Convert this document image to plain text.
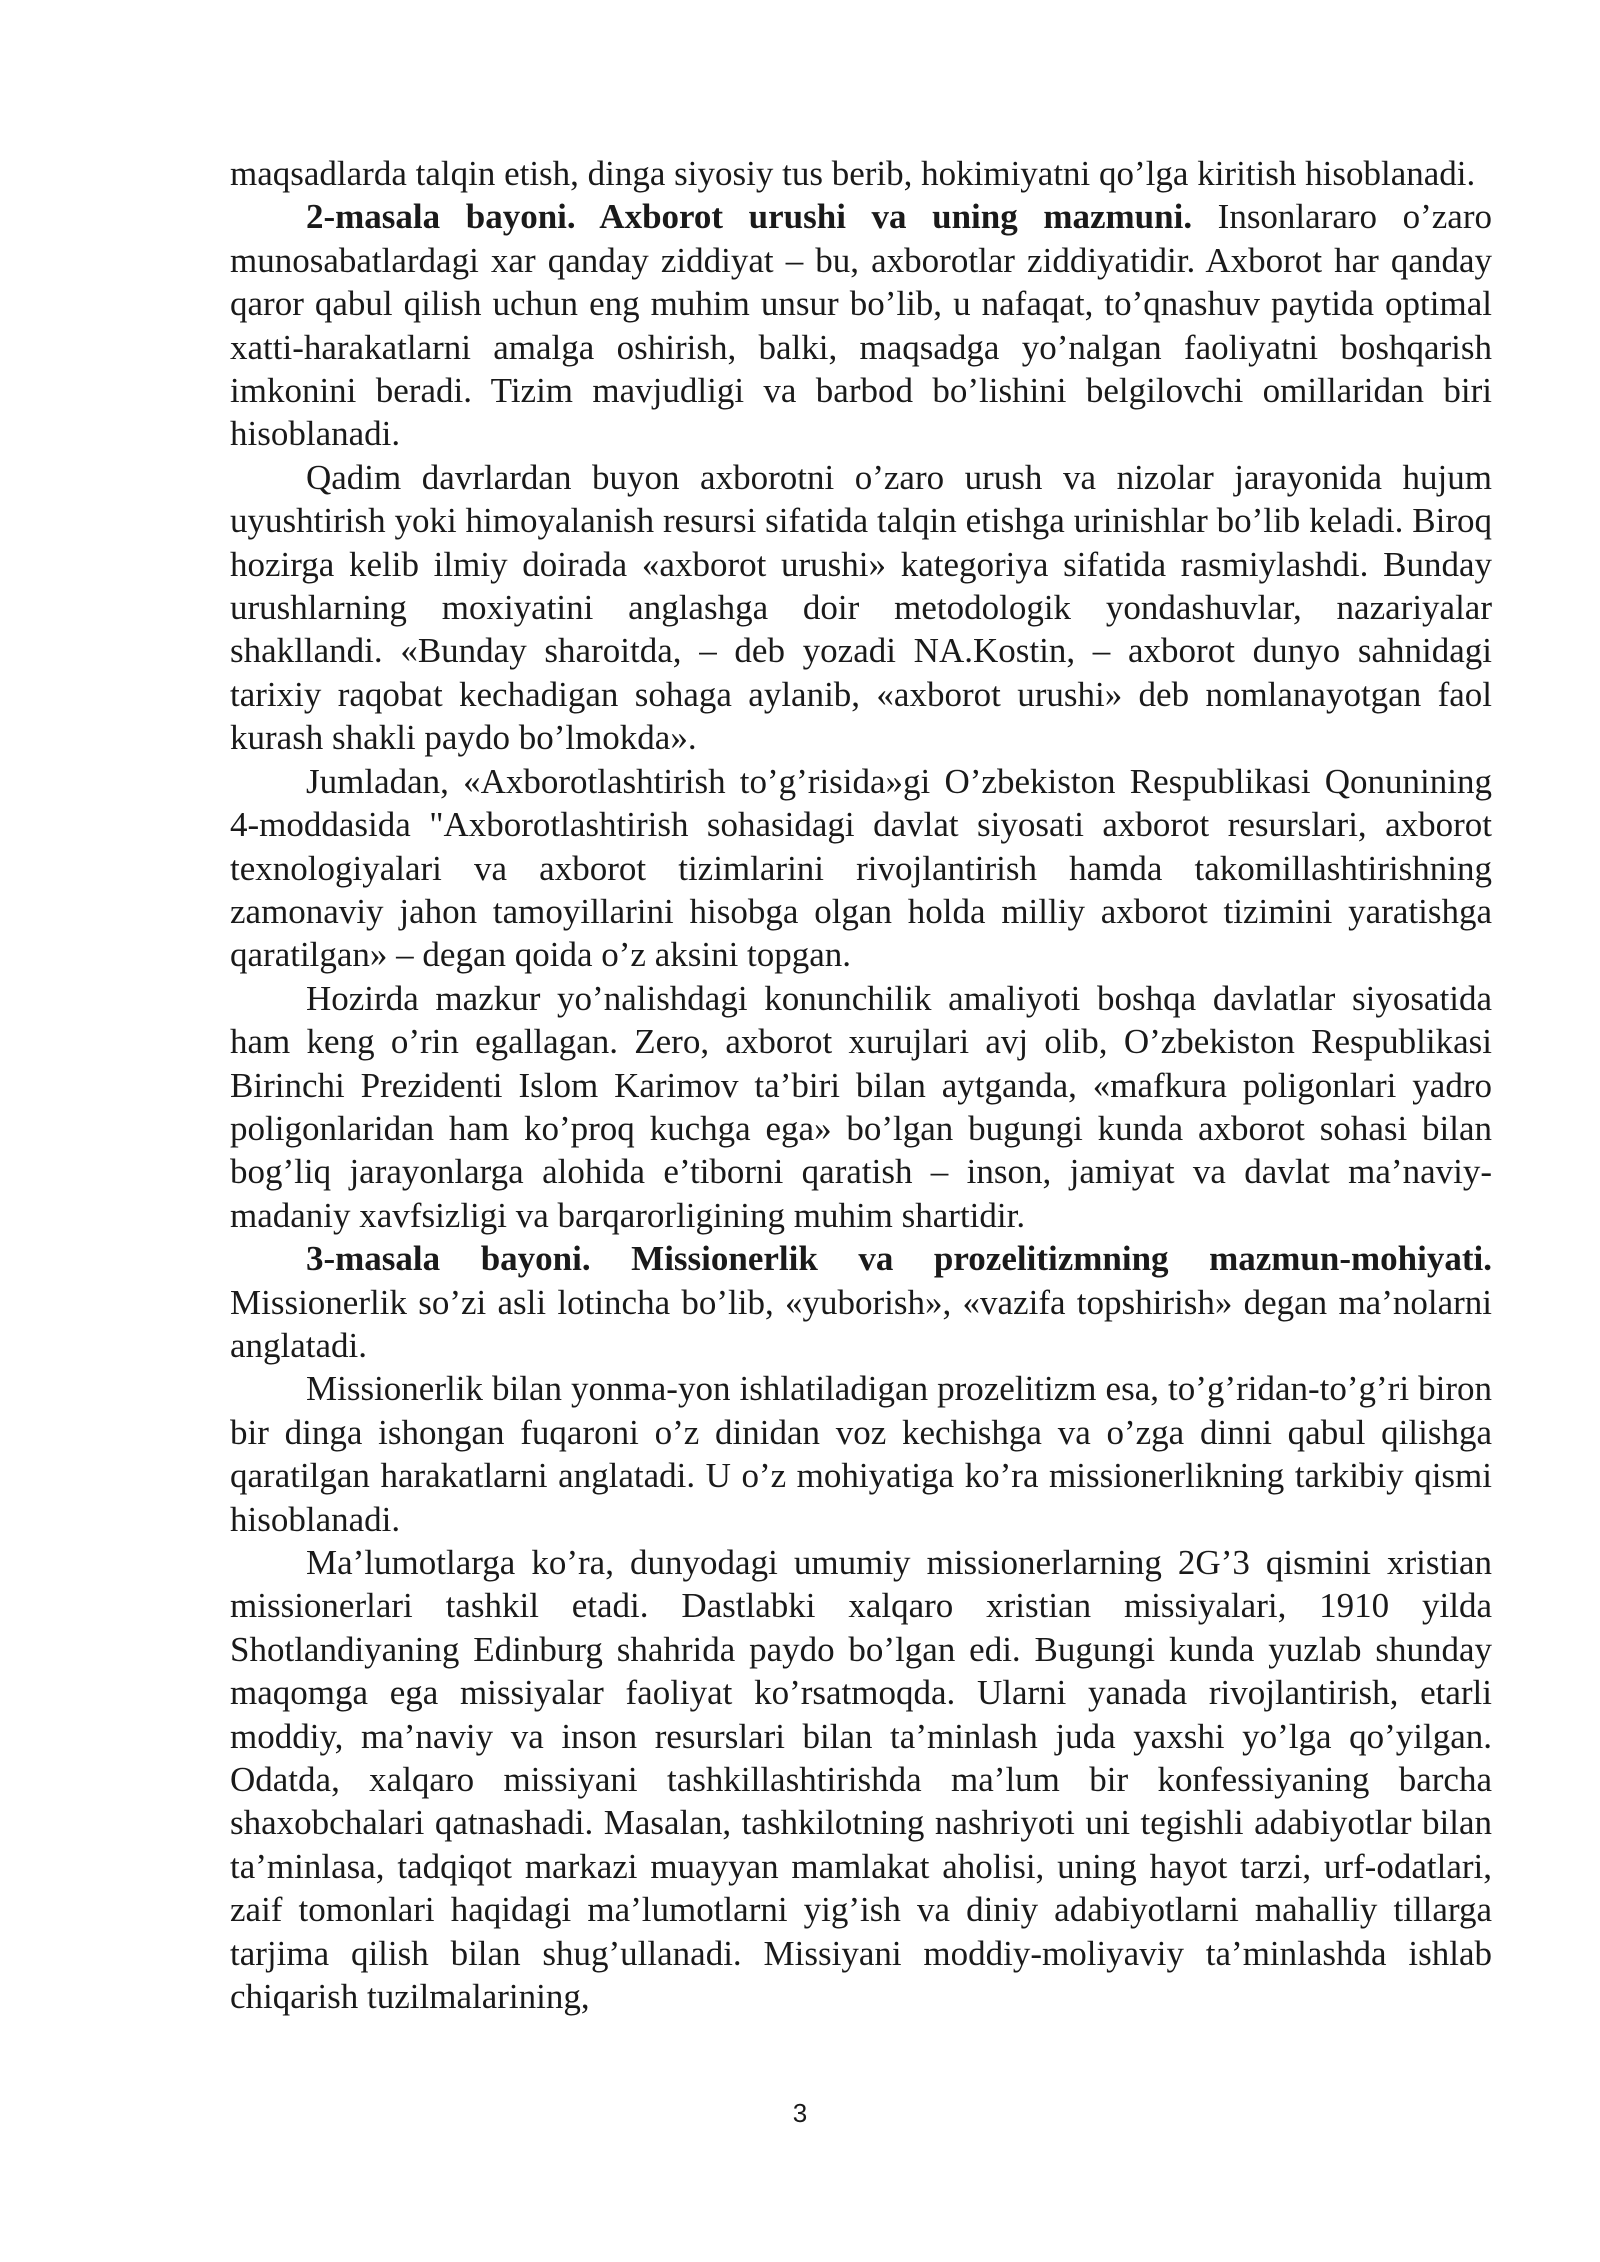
maqsadlarda talqin etish, dinga siyosiy tus berib, hokimiyatni qo’lga kiritish hisoblanadi.

2-masala bayoni. Axborot urushi va uning mazmuni. Insonlararo o’zaro munosabatlardagi xar qanday ziddiyat – bu, axborotlar ziddiyatidir. Axborot har qanday qaror qabul qilish uchun eng muhim unsur bo’lib, u nafaqat, to’qnashuv paytida optimal xatti-harakatlarni amalga oshirish, balki, maqsadga yo’nalgan faoliyatni boshqarish imkonini beradi. Tizim mavjudligi va barbod bo’lishini belgilovchi omillaridan biri hisoblanadi.

Qadim davrlardan buyon axborotni o’zaro urush va nizolar jarayonida hujum uyushtirish yoki himoyalanish resursi sifatida talqin etishga urinishlar bo’lib keladi. Biroq hozirga kelib ilmiy doirada «axborot urushi» kategoriya sifatida rasmiylashdi. Bunday urushlarning moxiyatini anglashga doir metodologik yondashuvlar, nazariyalar shakllandi. «Bunday sharoitda, – deb yozadi NA.Kostin, – axborot dunyo sahnidagi tarixiy raqobat kechadigan sohaga aylanib, «axborot urushi» deb nomlanayotgan faol kurash shakli paydo bo’lmokda».

Jumladan, «Axborotlashtirish to’g’risida»gi O’zbekiston Respublikasi Qonunining 4-moddasida "Axborotlashtirish sohasidagi davlat siyosati axborot resurslari, axborot texnologiyalari va axborot tizimlarini rivojlantirish hamda takomillashtirishning zamonaviy jahon tamoyillarini hisobga olgan holda milliy axborot tizimini yaratishga qaratilgan» – degan qoida o’z aksini topgan.

Hozirda mazkur yo’nalishdagi konunchilik amaliyoti boshqa davlatlar siyosatida ham keng o’rin egallagan. Zero, axborot xurujlari avj olib, O’zbekiston Respublikasi Birinchi Prezidenti Islom Karimov ta’biri bilan aytganda, «mafkura poligonlari yadro poligonlaridan ham ko’proq kuchga ega» bo’lgan bugungi kunda axborot sohasi bilan bog’liq jarayonlarga alohida e’tiborni qaratish – inson, jamiyat va davlat ma’naviy-madaniy xavfsizligi va barqarorligining muhim shartidir.

3-masala bayoni. Missionerlik va prozelitizmning mazmun-mohiyati. Missionerlik so’zi asli lotincha bo’lib, «yuborish», «vazifa topshirish» degan ma’nolarni anglatadi.

Missionerlik bilan yonma-yon ishlatiladigan prozelitizm esa, to’g’ridan-to’g’ri biron bir dinga ishongan fuqaroni o’z dinidan voz kechishga va o’zga dinni qabul qilishga qaratilgan harakatlarni anglatadi. U o’z mohiyatiga ko’ra missionerlikning tarkibiy qismi hisoblanadi.

Ma’lumotlarga ko’ra, dunyodagi umumiy missionerlarning 2G’3 qismini xristian missionerlari tashkil etadi. Dastlabki xalqaro xristian missiyalari, 1910 yilda Shotlandiyaning Edinburg shahrida paydo bo’lgan edi. Bugungi kunda yuzlab shunday maqomga ega missiyalar faoliyat ko’rsatmoqda. Ularni yanada rivojlantirish, etarli moddiy, ma’naviy va inson resurslari bilan ta’minlash juda yaxshi yo’lga qo’yilgan. Odatda, xalqaro missiyani tashkillashtirishda ma’lum bir konfessiyaning barcha shaxobchalari qatnashadi. Masalan, tashkilotning nashriyoti uni tegishli adabiyotlar bilan ta’minlasa, tadqiqot markazi muayyan mamlakat aholisi, uning hayot tarzi, urf-odatlari, zaif tomonlari haqidagi ma’lumotlarni yig’ish va diniy adabiyotlarni mahalliy tillarga tarjima qilish bilan shug’ullanadi. Missiyani moddiy-moliyaviy ta’minlashda ishlab chiqarish tuzilmalarining,

3
